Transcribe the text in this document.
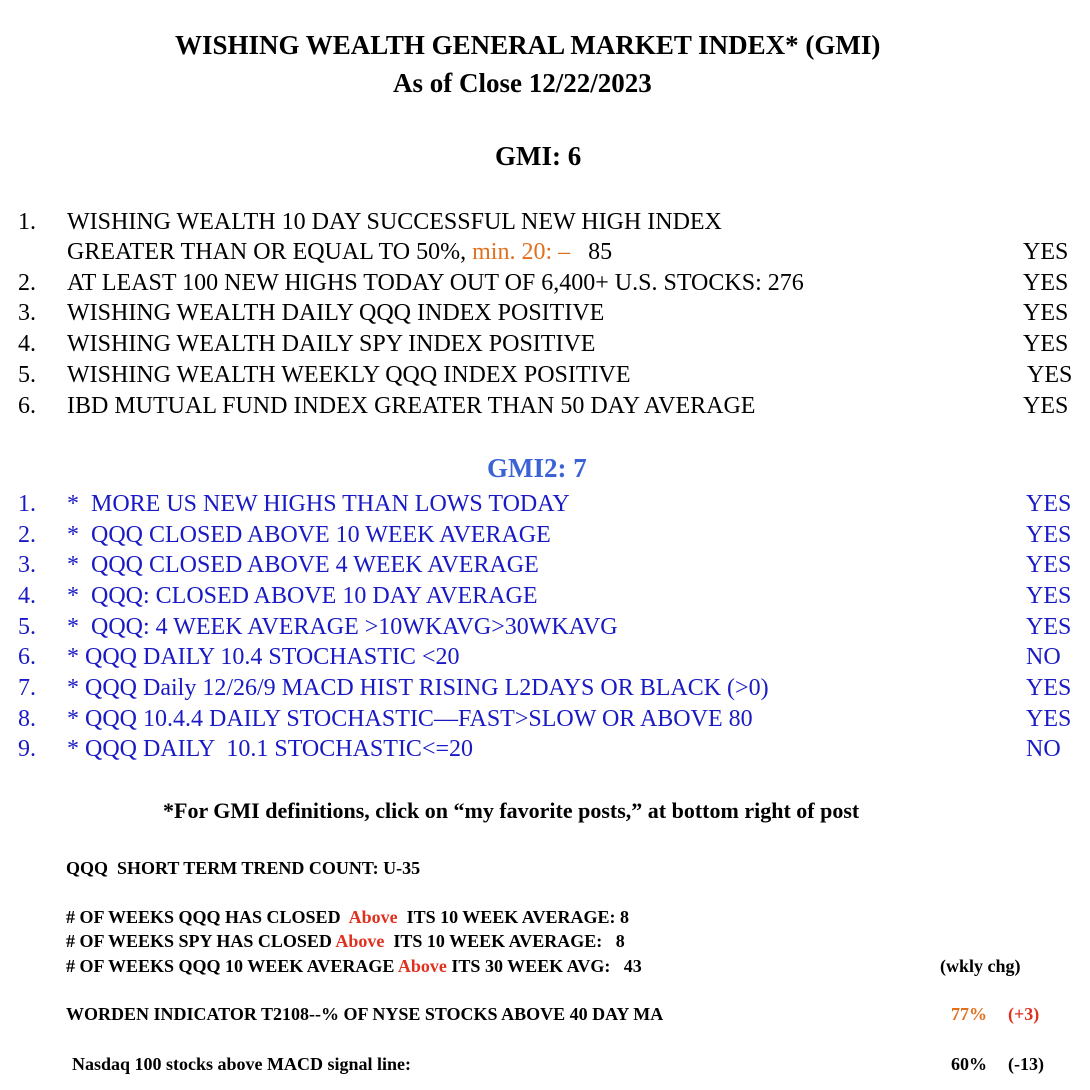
WISHING WEALTH GENERAL MARKET INDEX* (GMI)
As of Close 12/22/2023
GMI: 6
1. WISHING WEALTH 10 DAY SUCCESSFUL NEW HIGH INDEX
GREATER THAN OR EQUAL TO 50%, min. 20: –   85	YES
2. AT LEAST 100 NEW HIGHS TODAY OUT OF 6,400+ U.S. STOCKS: 276	YES
3. WISHING WEALTH DAILY QQQ INDEX POSITIVE	YES
4. WISHING WEALTH DAILY SPY INDEX POSITIVE	YES
5. WISHING WEALTH WEEKLY QQQ INDEX POSITIVE	YES
6. IBD MUTUAL FUND INDEX GREATER THAN 50 DAY AVERAGE	YES
GMI2: 7
1. *  MORE US NEW HIGHS THAN LOWS TODAY	YES
2. *  QQQ CLOSED ABOVE 10 WEEK AVERAGE	YES
3. *  QQQ CLOSED ABOVE 4 WEEK AVERAGE	YES
4. *  QQQ: CLOSED ABOVE 10 DAY AVERAGE	YES
5. *  QQQ: 4 WEEK AVERAGE >10WKAVG>30WKAVG	YES
6. * QQQ DAILY 10.4 STOCHASTIC <20	NO
7. * QQQ Daily 12/26/9 MACD HIST RISING L2DAYS OR BLACK (>0)	YES
8. * QQQ 10.4.4 DAILY STOCHASTIC—FAST>SLOW OR ABOVE 80	YES
9. * QQQ DAILY  10.1 STOCHASTIC<=20	NO
*For GMI definitions, click on “my favorite posts,” at bottom right of post
QQQ  SHORT TERM TREND COUNT: U-35
# OF WEEKS QQQ HAS CLOSED  Above  ITS 10 WEEK AVERAGE: 8
# OF WEEKS SPY HAS CLOSED Above  ITS 10 WEEK AVERAGE:   8
# OF WEEKS QQQ 10 WEEK AVERAGE Above ITS 30 WEEK AVG:   43	(wkly chg)
WORDEN INDICATOR T2108--% OF NYSE STOCKS ABOVE 40 DAY MA	77% (+3)
Nasdaq 100 stocks above MACD signal line:	60% (-13)
